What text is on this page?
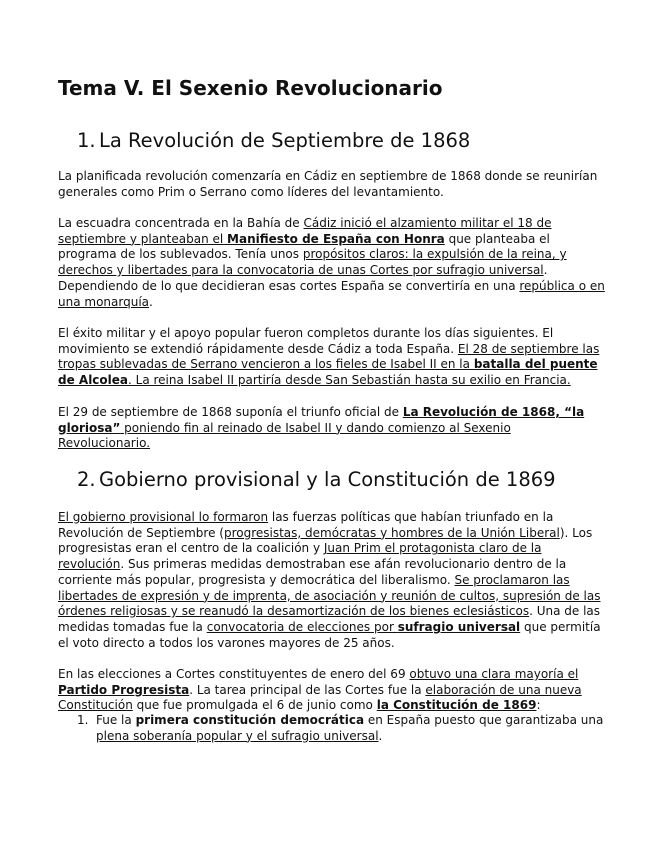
Tema V. El Sexenio Revolucionario
1. La Revolución de Septiembre de 1868

La planificada revolución comenzaría en Cádiz en septiembre de 1868 donde se reunirían
generales como Prim o Serrano como líderes del levantamiento.

La escuadra concentrada en la Bahía de Cádiz inició el alzamiento militar el 18 de
septiembre y planteaban el Manifiesto de España con Honra que planteaba el
programa de los sublevados. Tenía unos propósitos claros: la expulsión de la reina, y
derechos y libertades para la convocatoria de unas Cortes por sufragio universal.
Dependiendo de lo que decidieran esas cortes España se convertiría en una república o en
una monarquía.

El éxito militar y el apoyo popular fueron completos durante los días siguientes. El
movimiento se extendió rápidamente desde Cádiz a toda España. El 28 de septiembre las
tropas sublevadas de Serrano vencieron a los fieles de Isabel II en la batalla del puente
de Alcolea. La reina Isabel II partiría desde San Sebastián hasta su exilio en Francia.

El 29 de septiembre de 1868 suponía el triunfo oficial de La Revolución de 1868, “la
gloriosa” poniendo fin al reinado de Isabel II y dando comienzo al Sexenio
Revolucionario.

2. Gobierno provisional y la Constitución de 1869

El gobierno provisional lo formaron las fuerzas políticas que habían triunfado en la
Revolución de Septiembre (progresistas, demócratas y hombres de la Unión Liberal). Los
progresistas eran el centro de la coalición y Juan Prim el protagonista claro de la
revolución. Sus primeras medidas demostraban ese afán revolucionario dentro de la
corriente más popular, progresista y democrática del liberalismo. Se proclamaron las
libertades de expresión y de imprenta, de asociación y reunión de cultos, supresión de las
órdenes religiosas y se reanudó la desamortización de los bienes eclesiásticos. Una de las
medidas tomadas fue la convocatoria de elecciones por sufragio universal que permitía
el voto directo a todos los varones mayores de 25 años.

En las elecciones a Cortes constituyentes de enero del 69 obtuvo una clara mayoría el
Partido Progresista. La tarea principal de las Cortes fue la elaboración de una nueva
Constitución que fue promulgada el 6 de junio como la Constitución de 1869:

1. Fue la primera constitución democrática en España puesto que garantizaba una
plena soberanía popular y el sufragio universal.
